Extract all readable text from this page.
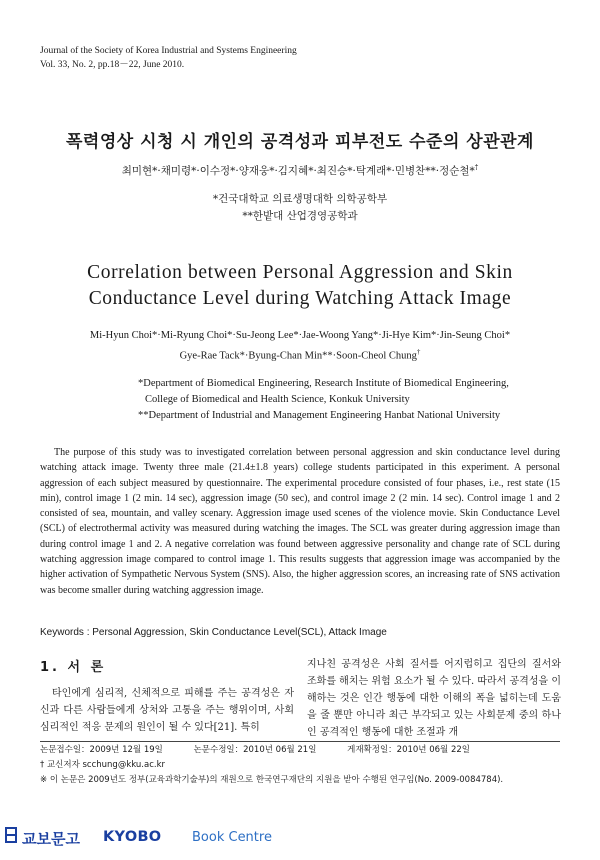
Journal of the Society of Korea Industrial and Systems Engineering
Vol. 33, No. 2, pp.18－22, June 2010.
폭력영상 시청 시 개인의 공격성과 피부전도 수준의 상관관계
최미현*·채미령*·이수정*·양재웅*·김지혜*·최진승*·탁계래*·민병찬**·정순철*†
*건국대학교 의료생명대학 의학공학부
**한밭대 산업경영공학과
Correlation between Personal Aggression and Skin
Conductance Level during Watching Attack Image
Mi-Hyun Choi*·Mi-Ryung Choi*·Su-Jeong Lee*·Jae-Woong Yang*·Ji-Hye Kim*·Jin-Seung Choi*
Gye-Rae Tack*·Byung-Chan Min**·Soon-Cheol Chung†
*Department of Biomedical Engineering, Research Institute of Biomedical Engineering,
College of Biomedical and Health Science, Konkuk University
**Department of Industrial and Management Engineering Hanbat National University
The purpose of this study was to investigated correlation between personal aggression and skin conductance level during watching attack image. Twenty three male (21.4±1.8 years) college students participated in this experiment. A personal aggression of each subject measured by questionnaire. The experimental procedure consisted of four phases, i.e., rest state (15 min), control image 1 (2 min. 14 sec), aggression image (50 sec), and control image 2 (2 min. 14 sec). Control image 1 and 2 consisted of sea, mountain, and valley scenary. Aggression image used scenes of the violence movie. Skin Conductance Level (SCL) of electrothermal activity was measured during watching the images. The SCL was greater during aggression image than during control image 1 and 2. A negative correlation was found between aggressive personality and change rate of SCL during watching aggression image compared to control image 1. This results suggests that aggression image was accompanied by the higher activation of Sympathetic Nervous System (SNS). Also, the higher aggression scores, an increasing rate of SNS activation was become smaller during watching aggression image.
Keywords : Personal Aggression, Skin Conductance Level(SCL), Attack Image
1. 서 론
타인에게 심리적, 신체적으로 피해를 주는 공격성은 자신과 다른 사람들에게 상처와 고통을 주는 행위이며, 사회 심리적인 적응 문제의 원인이 될 수 있다[21]. 특히
지나친 공격성은 사회 질서를 어지럽히고 집단의 질서와 조화를 해치는 위험 요소가 될 수 있다. 따라서 공격성을 이해하는 것은 인간 행동에 대한 이해의 폭을 넓히는데 도움을 줄 뿐만 아니라 최근 부각되고 있는 사회문제 중의 하나인 공격적인 행동에 대한 조절과 개
논문접수일：2009년 12월 19일	논문수정일：2010년 06월 21일	게재확정일：2010년 06월 22일
† 교신저자 scchung@kku.ac.kr
※ 이 논문은 2009년도 정부(교육과학기술부)의 재원으로 한국연구재단의 지원을 받아 수행된 연구임(No. 2009-0084784).
교보문고 KYOBO Book Centre
